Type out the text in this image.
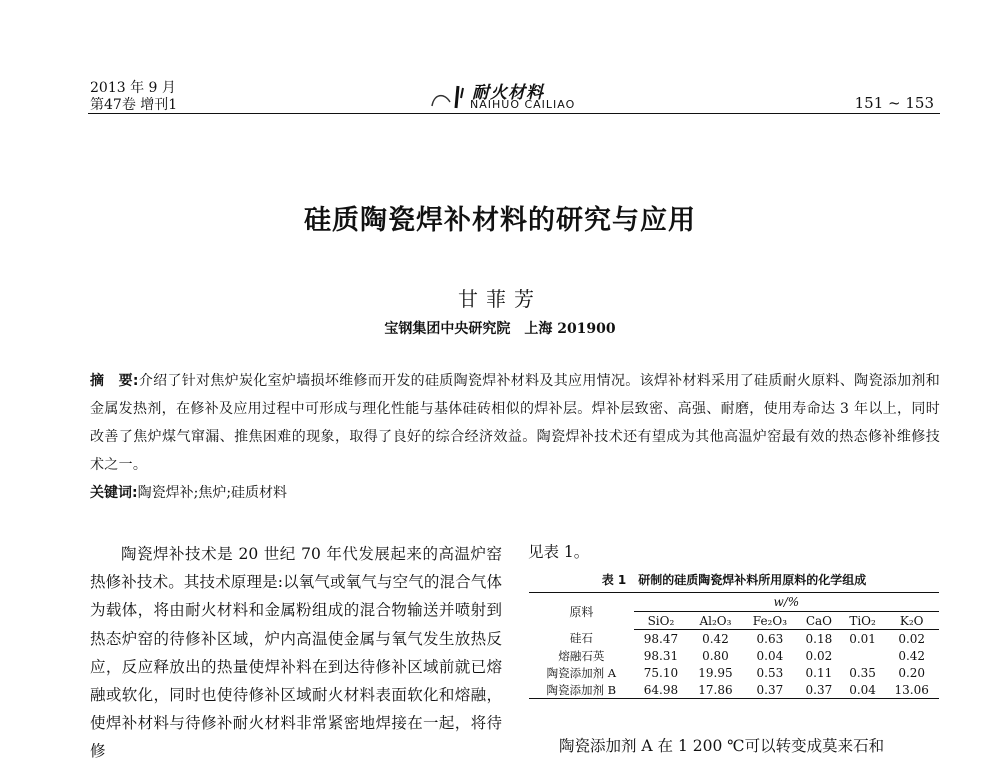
2013 年 9 月
第47卷 增刊1
耐火材料
NAIHUO CAILIAO	151 ~ 153
硅质陶瓷焊补材料的研究与应用
甘菲芳
宝钢集团中央研究院　上海 201900
摘　要:介绍了针对焦炉炭化室炉墙损坏维修而开发的硅质陶瓷焊补材料及其应用情况。该焊补材料采用了硅质耐火原料、陶瓷添加剂和金属发热剂，在修补及应用过程中可形成与理化性能与基体硅砖相似的焊补层。焊补层致密、高强、耐磨，使用寿命达 3 年以上，同时改善了焦炉煤气窜漏、推焦困难的现象，取得了良好的综合经济效益。陶瓷焊补技术还有望成为其他高温炉窑最有效的热态修补维修技术之一。
关键词:陶瓷焊补;焦炉;硅质材料
陶瓷焊补技术是 20 世纪 70 年代发展起来的高温炉窑热修补技术。其技术原理是:以氧气或氧气与空气的混合气体为载体，将由耐火材料和金属粉组成的混合物输送并喷射到热态炉窑的待修补区域，炉内高温使金属与氧气发生放热反应，反应释放出的热量使焊补料在到达待修补区域前就已熔融或软化，同时也使待修补区域耐火材料表面软化和熔融，使焊补材料与待修补耐火材料非常紧密地焊接在一起，将待修
见表 1。
表 1　研制的硅质陶瓷焊补料所用原料的化学组成
原料	w/%					
	SiO₂	Al₂O₃	Fe₂O₃	CaO	TiO₂	K₂O
硅石	98.47	0.42	0.63	0.18	0.01	0.02
熔融石英	98.31	0.80	0.04	0.02		0.42
陶瓷添加剂 A	75.10	19.95	0.53	0.11	0.35	0.20
陶瓷添加剂 B	64.98	17.86	0.37	0.37	0.04	13.06
陶瓷添加剂 A 在 1 200 ℃可以转变成莫来石和
